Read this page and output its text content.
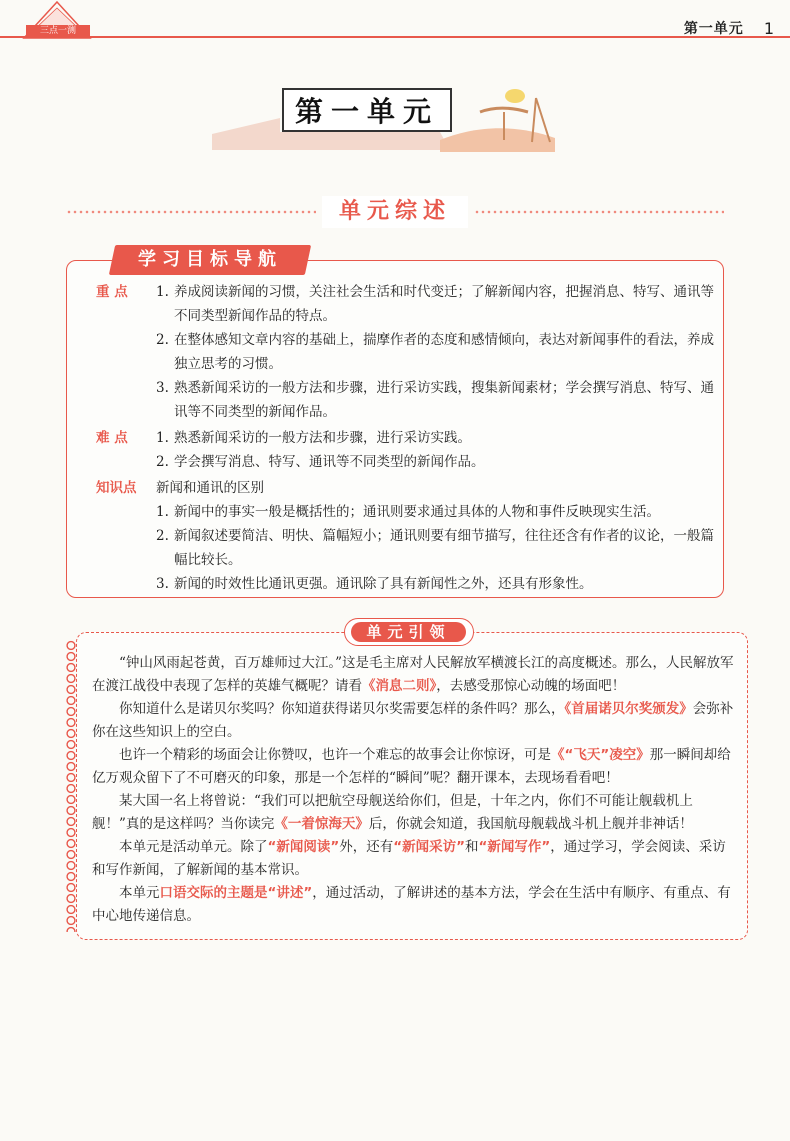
三点一测	第一单元 1
第一单元
单元综述
学习目标导航
重 点	1. 养成阅读新闻的习惯，关注社会生活和时代变迁；了解新闻内容，把握消息、特写、通讯等不同类型新闻作品的特点。
2. 在整体感知文章内容的基础上，揣摩作者的态度和感情倾向，表达对新闻事件的看法，养成独立思考的习惯。
3. 熟悉新闻采访的一般方法和步骤，进行采访实践，搜集新闻素材；学会撰写消息、特写、通讯等不同类型的新闻作品。
难 点	1. 熟悉新闻采访的一般方法和步骤，进行采访实践。
2. 学会撰写消息、特写、通讯等不同类型的新闻作品。
知识点	新闻和通讯的区别
1. 新闻中的事实一般是概括性的；通讯则要求通过具体的人物和事件反映现实生活。
2. 新闻叙述要简洁、明快、篇幅短小；通讯则要有细节描写，往往还含有作者的议论，一般篇幅比较长。
3. 新闻的时效性比通讯更强。通讯除了具有新闻性之外，还具有形象性。
单元引领

“钟山风雨起苍黄，百万雄师过大江。”这是毛主席对人民解放军横渡长江的高度概述。那么，人民解放军在渡江战役中表现了怎样的英雄气概呢？请看《消息二则》，去感受那惊心动魄的场面吧！

你知道什么是诺贝尔奖吗？你知道获得诺贝尔奖需要怎样的条件吗？那么，《首届诺贝尔奖颁发》会弥补你在这些知识上的空白。

也许一个精彩的场面会让你赞叹，也许一个难忘的故事会让你惊讶，可是《“飞天”凌空》那一瞬间却给亿万观众留下了不可磨灭的印象，那是一个怎样的“瞬间”呢？翻开课本，去现场看看吧！

某大国一名上将曾说：“我们可以把航空母舰送给你们，但是，十年之内，你们不可能让舰载机上舰！”真的是这样吗？当你读完《一着惊海天》后，你就会知道，我国航母舰载战斗机上舰并非神话！

本单元是活动单元。除了“新闻阅读”外，还有“新闻采访”和“新闻写作”，通过学习，学会阅读、采访和写作新闻，了解新闻的基本常识。

本单元口语交际的主题是“讲述”，通过活动，了解讲述的基本方法，学会在生活中有顺序、有重点、有中心地传递信息。
